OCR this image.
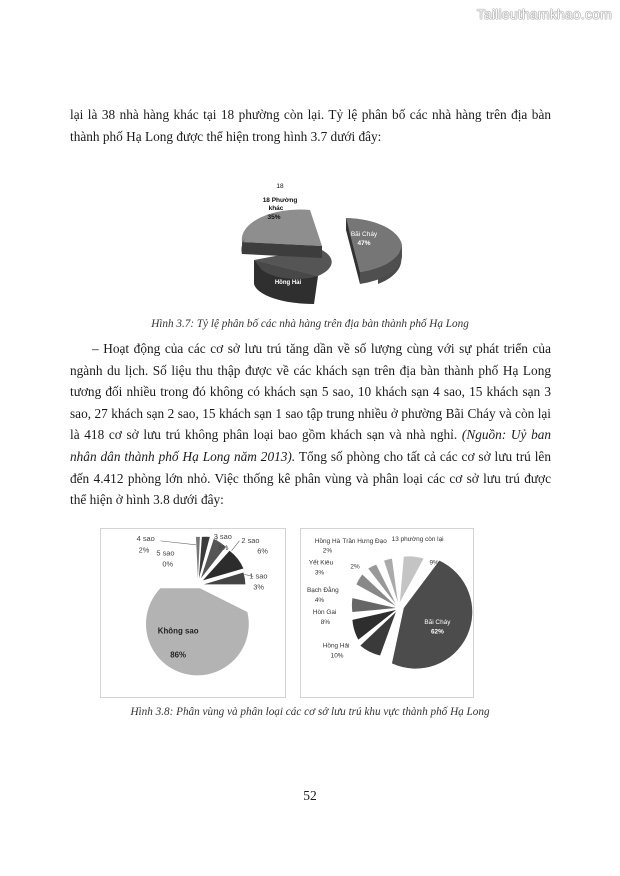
Tailieuthamkhao.com

lại là 38 nhà hàng khác tại 18 phường còn lại. Tỷ lệ phân bố các nhà hàng trên địa bàn thành phố Hạ Long được thể hiện trong hình 3.7 dưới đây:

Bãi Cháy
47%
Hồng Hải
18
18 Phường
khác
35%
Hình 3.7: Tỷ lệ phân bố các nhà hàng trên địa bàn thành phố Hạ Long

– Hoạt động của các cơ sở lưu trú tăng dần về số lượng cùng với sự phát triển của ngành du lịch. Số liệu thu thập được về các khách sạn trên địa bàn thành phố Hạ Long tương đối nhiều trong đó không có khách sạn 5 sao, 10 khách sạn 4 sao, 15 khách sạn 3 sao, 27 khách sạn 2 sao, 15 khách sạn 1 sao tập trung nhiều ở phường Bãi Cháy và còn lại là 418 cơ sở lưu trú không phân loại bao gồm khách sạn và nhà nghỉ. (Nguồn: Uỷ ban nhân dân thành phố Hạ Long năm 2013). Tổng số phòng cho tất cả các cơ sở lưu trú lên đến 4.412 phòng lớn nhỏ. Việc thống kê phân vùng và phân loại các cơ sở lưu trú được thể hiện ở hình 3.8 dưới đây:

4 sao
2% 5 sao
0%
3 sao
3%
2 sao
6%
1 sao
3%
Không sao
86%
Hồng Hà
2%
Trần Hưng Đạo
2%
Yết Kiêu
3%
Bạch Đằng
4%
Hòn Gai
8%
Hồng Hải
10%
13 phường còn lại
9%
Bãi Cháy
62%
Hình 3.8: Phân vùng và phân loại các cơ sở lưu trú khu vực thành phố Hạ Long
52
